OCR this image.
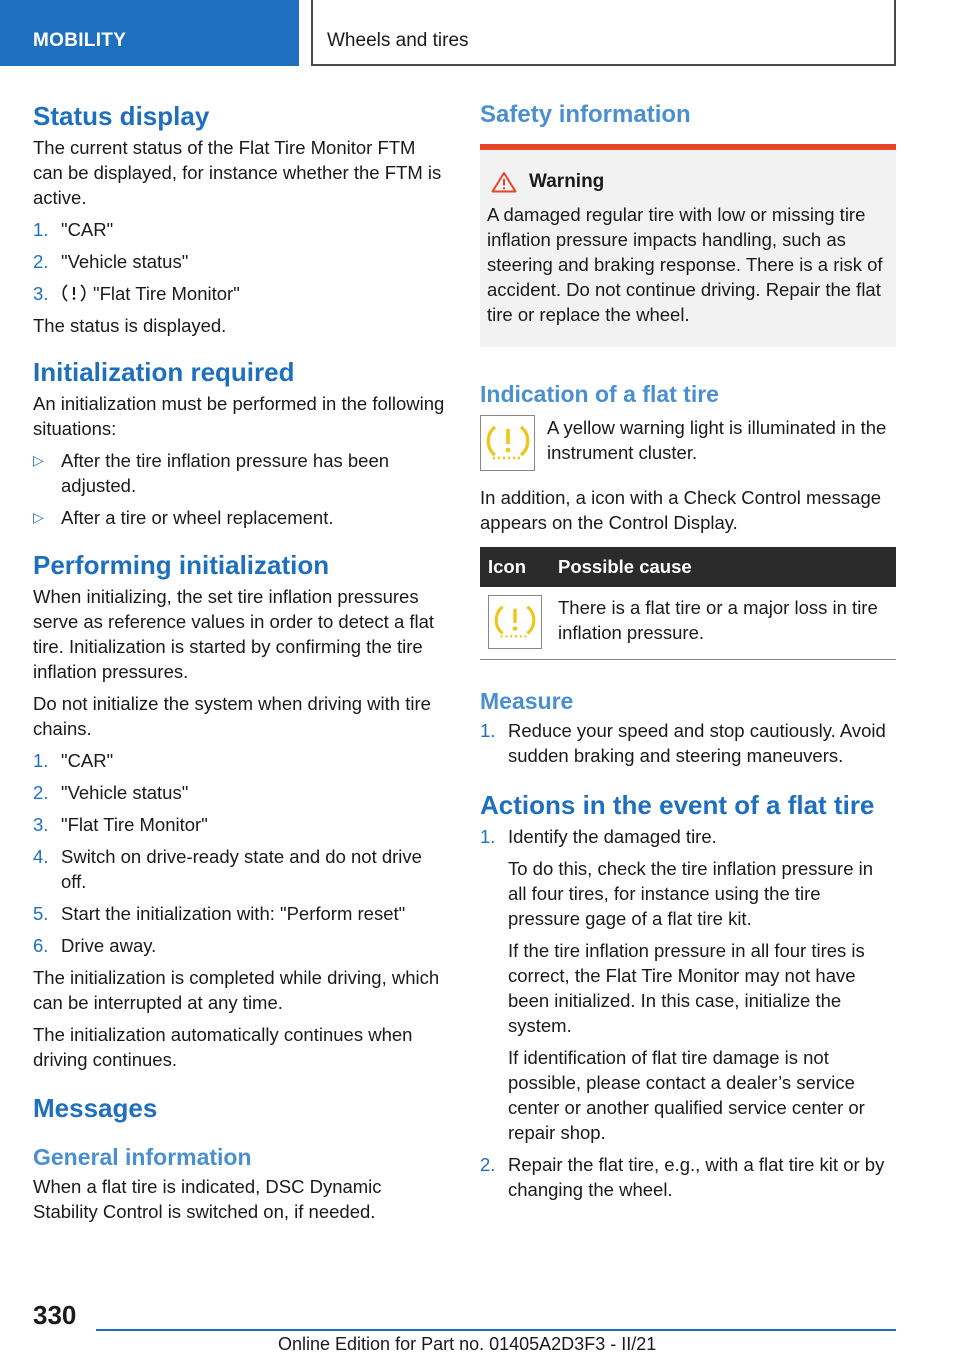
MOBILITY	Wheels and tires
Status display

The current status of the Flat Tire Monitor FTM can be displayed, for instance whether the FTM is active.

1. "CAR"
2. "Vehicle status"
3. "Flat Tire Monitor"

The status is displayed.

Initialization required

An initialization must be performed in the following situations:

▷ After the tire inflation pressure has been adjusted.
▷ After a tire or wheel replacement.
Performing initialization

When initializing, the set tire inflation pressures serve as reference values in order to detect a flat tire. Initialization is started by confirming the tire inflation pressures.

Do not initialize the system when driving with tire chains.

1. "CAR"
2. "Vehicle status"
3. "Flat Tire Monitor"
4. Switch on drive-ready state and do not drive off.
5. Start the initialization with: "Perform reset"
6. Drive away.

The initialization is completed while driving, which can be interrupted at any time.

The initialization automatically continues when driving continues.

Messages
General information

When a flat tire is indicated, DSC Dynamic Stability Control is switched on, if needed.

Safety information
Warning
A damaged regular tire with low or missing tire inflation pressure impacts handling, such as steering and braking response. There is a risk of accident. Do not continue driving. Repair the flat tire or replace the wheel.
Indication of a flat tire
A yellow warning light is illuminated in the instrument cluster.

In addition, a icon with a Check Control message appears on the Control Display.

Icon	Possible cause

	There is a flat tire or a major loss in tire inflation pressure.
Measure
1. Reduce your speed and stop cautiously. Avoid sudden braking and steering maneuvers.
Actions in the event of a flat tire
1. Identify the damaged tire.
To do this, check the tire inflation pressure in all four tires, for instance using the tire pressure gage of a flat tire kit.
If the tire inflation pressure in all four tires is correct, the Flat Tire Monitor may not have been initialized. In this case, initialize the system.
If identification of flat tire damage is not possible, please contact a dealer’s service center or another qualified service center or repair shop.
2. Repair the flat tire, e.g., with a flat tire kit or by changing the wheel.
330
Online Edition for Part no. 01405A2D3F3 - II/21
